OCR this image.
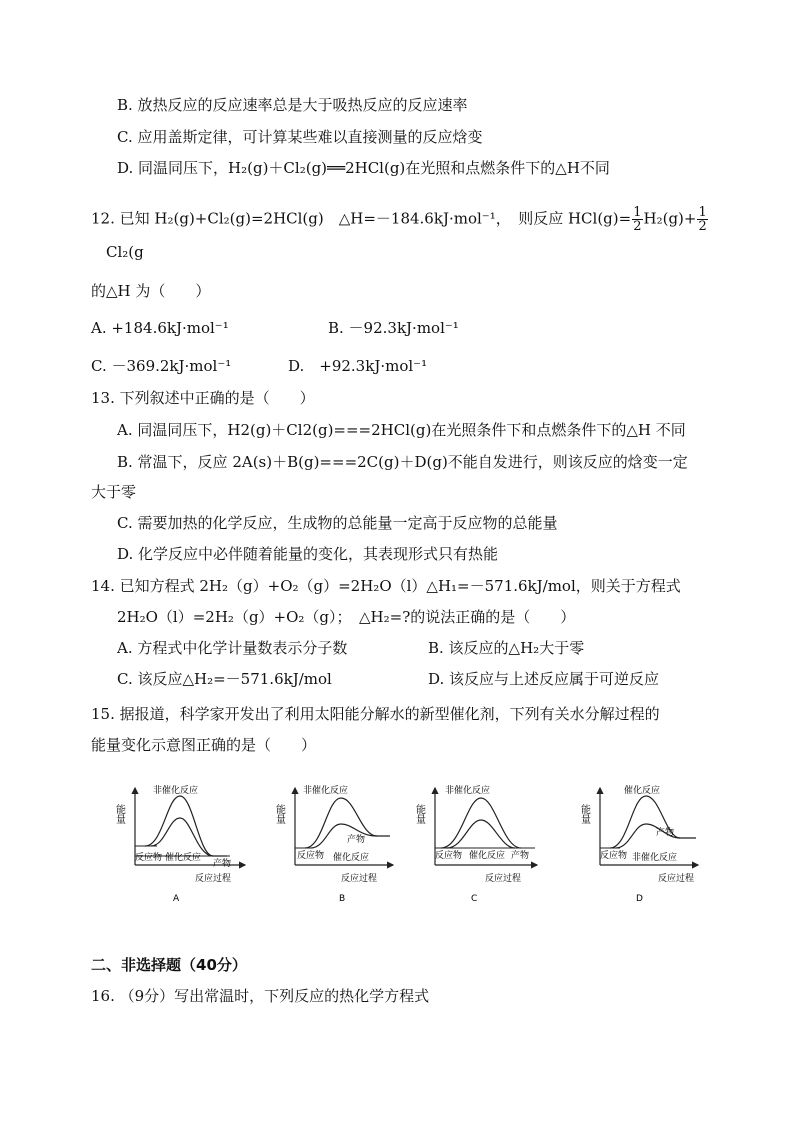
B. 放热反应的反应速率总是大于吸热反应的反应速率
C. 应用盖斯定律，可计算某些难以直接测量的反应焓变
D. 同温同压下，H₂(g)＋Cl₂(g)══2HCl(g)在光照和点燃条件下的△H不同
12. 已知 H₂(g)+Cl₂(g)=2HCl(g)　△H=－184.6kJ·mol⁻¹，　则反应 $HCl(g)= \frac{1}{2} H_2(g)+ \frac{1}{2}$
Cl₂(g
的△H 为（　　）
A. +184.6kJ·mol⁻¹	B. －92.3kJ·mol⁻¹
C. －369.2kJ·mol⁻¹	D.　+92.3kJ·mol⁻¹
13. 下列叙述中正确的是（　　）
A. 同温同压下，H2(g)＋Cl2(g)===2HCl(g)在光照条件下和点燃条件下的△H 不同
B. 常温下，反应 2A(s)＋B(g)===2C(g)＋D(g)不能自发进行，则该反应的焓变一定
大于零
C. 需要加热的化学反应，生成物的总能量一定高于反应物的总能量
D. 化学反应中必伴随着能量的变化，其表现形式只有热能
14. 已知方程式 2H₂（g）+O₂（g）=2H₂O（l）△H₁=－571.6kJ/mol，则关于方程式
2H₂O（l）=2H₂（g）+O₂（g）；　△H₂=?的说法正确的是（　　）
A. 方程式中化学计量数表示分子数	B. 该反应的△H₂大于零
C. 该反应△H₂=－571.6kJ/mol	D. 该反应与上述反应属于可逆反应
15. 据报道，科学家开发出了利用太阳能分解水的新型催化剂，下列有关水分解过程的
能量变化示意图正确的是（　　）
能量
非催化反应
反应物 催化反应
产物
反应过程
A
能量
非催化反应
产物
反应物 催化反应
反应过程
B
能量
非催化反应
反应物 催化反应 产物
反应过程
C
能量
催化反应
产物
反应物 非催化反应
反应过程
D
二、非选择题（40分）
16. （9分）写出常温时，下列反应的热化学方程式
